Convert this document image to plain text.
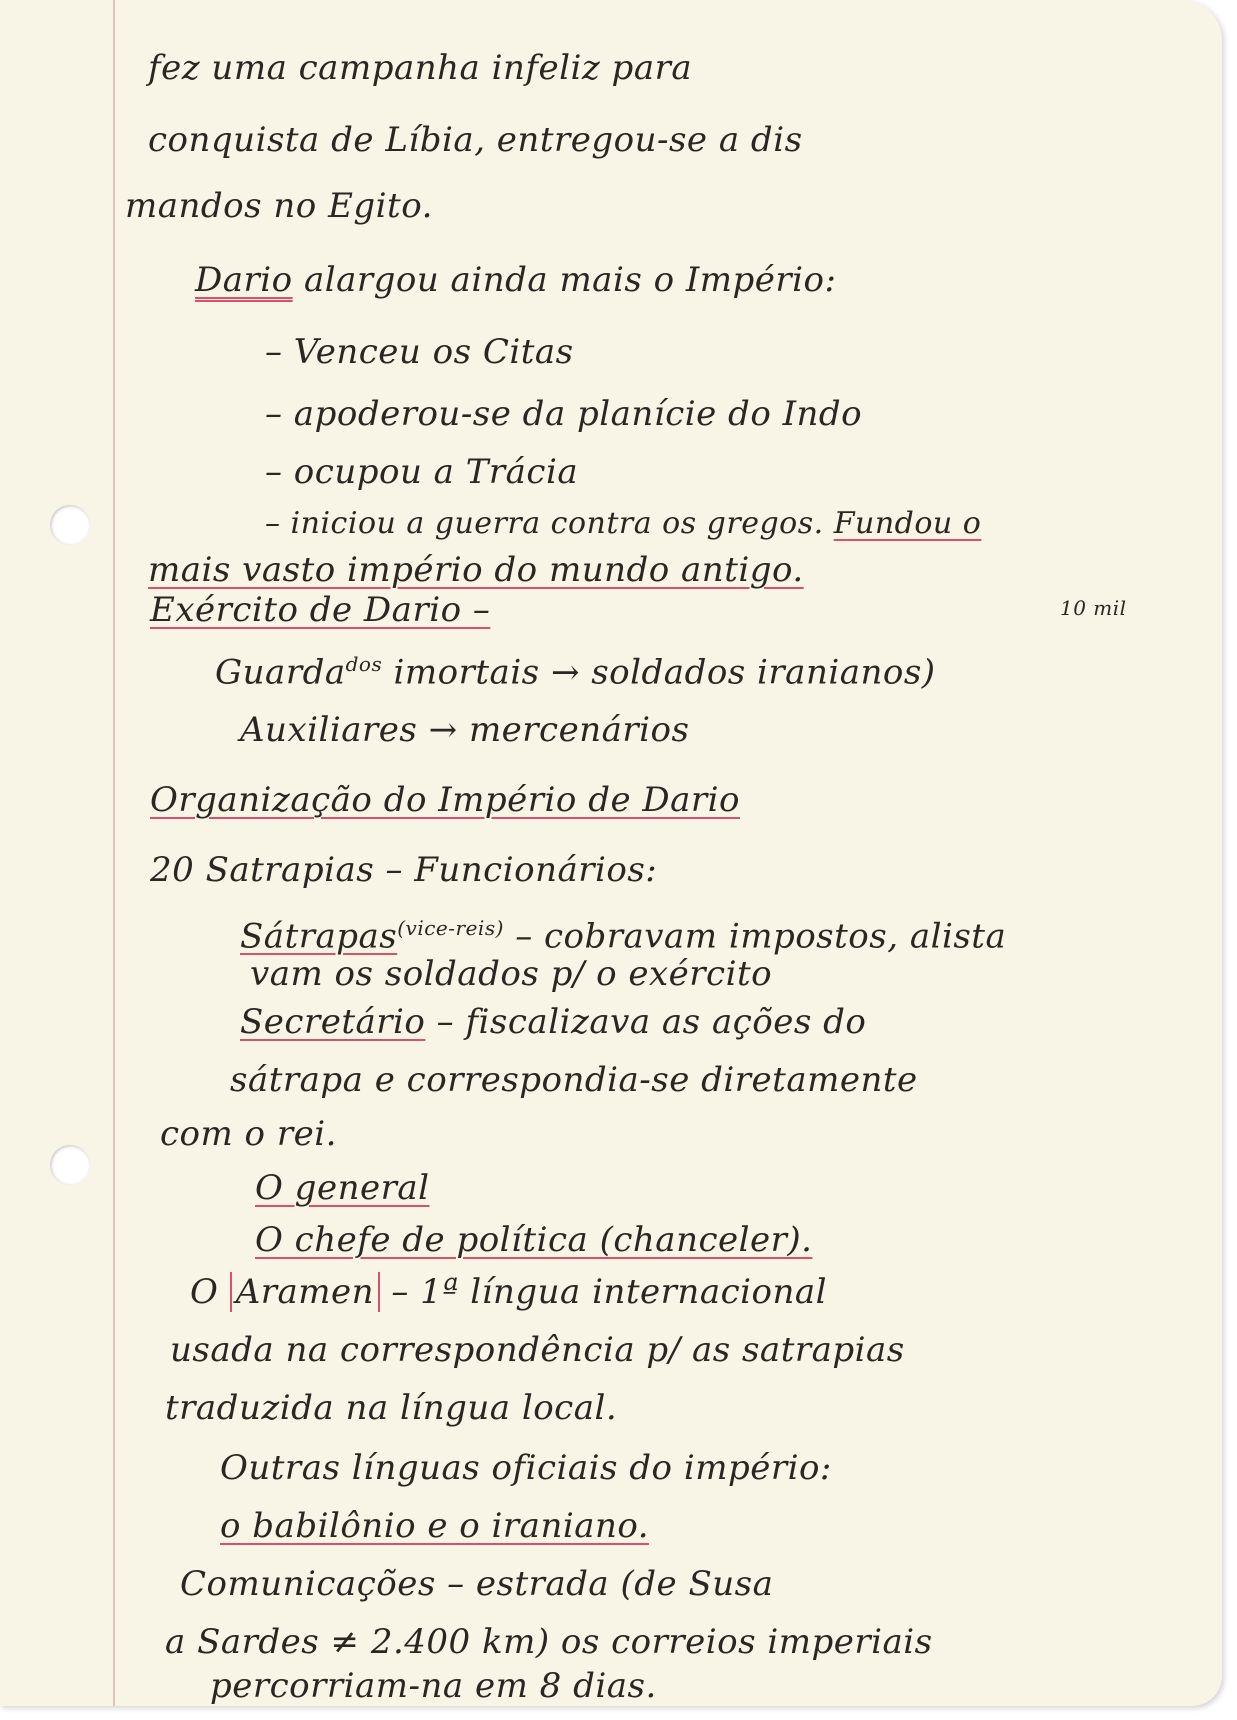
fez uma campanha infeliz para

conquista de Líbia, entregou-se a dis

mandos no Egito.

Dario alargou ainda mais o Império:

– Venceu os Citas

– apoderou-se da planície do Indo

– ocupou a Trácia

– iniciou a guerra contra os gregos. Fundou o

mais vasto império do mundo antigo.

Exército de Dario –	$^{10 mil}$

Guarda$^{dos}$ imortais → soldados iranianos)

Auxiliares → mercenários

Organização do Império de Dario

20 Satrapias – Funcionários:

Sátrapas$^{(vice-reis)}$ – cobravam impostos, alista

vam os soldados p/ o exército

Secretário – fiscalizava as ações do

sátrapa e correspondia-se diretamente

com o rei.

O general

O chefe de política (chanceler).

O Aramen – 1ª língua internacional

usada na correspondência p/ as satrapias

traduzida na língua local.

Outras línguas oficiais do império:

o babilônio e o iraniano.

Comunicações – estrada (de Susa

a Sardes ≠ 2.400 km) os correios imperiais

percorriam-na em 8 dias.
